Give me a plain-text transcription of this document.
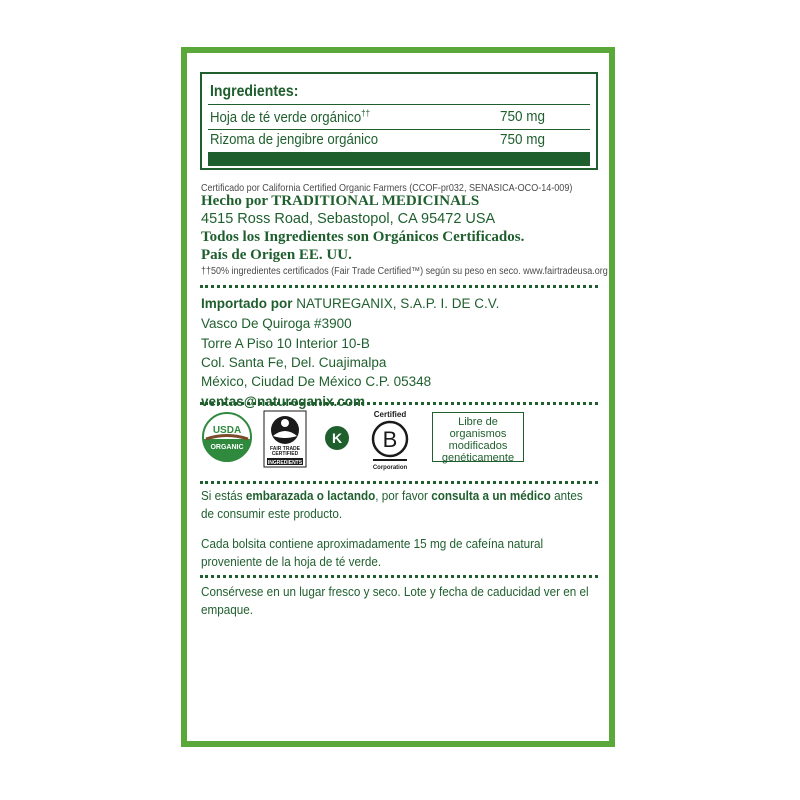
Ingredientes:
Hoja de té verde orgánico††	750 mg
Rizoma de jengibre orgánico	750 mg
Certificado por California Certified Organic Farmers (CCOF-pr032, SENASICA-OCO-14-009)
Hecho por TRADITIONAL MEDICINALS
4515 Ross Road, Sebastopol, CA 95472 USA
Todos los Ingredientes son Orgánicos Certificados.
País de Origen EE. UU.
††50% ingredientes certificados (Fair Trade Certified™) según su peso en seco. www.fairtradeusa.org
Importado por NATUREGANIX, S.A.P. I. DE C.V.
Vasco De Quiroga #3900
Torre A Piso 10 Interior 10-B
Col. Santa Fe, Del. Cuajimalpa
México, Ciudad De México C.P. 05348
ventas@natureganix.com
USDA
ORGANIC	FAIR TRADE
CERTIFIED
INGREDIENTS
K
Certified
B
Corporation
Libre de
organismos
modificados
genéticamente
Si estás embarazada o lactando, por favor consulta a un médico antes de consumir este producto.
Cada bolsita contiene aproximadamente 15 mg de cafeína natural proveniente de la hoja de té verde.
Consérvese en un lugar fresco y seco. Lote y fecha de caducidad ver en el empaque.
